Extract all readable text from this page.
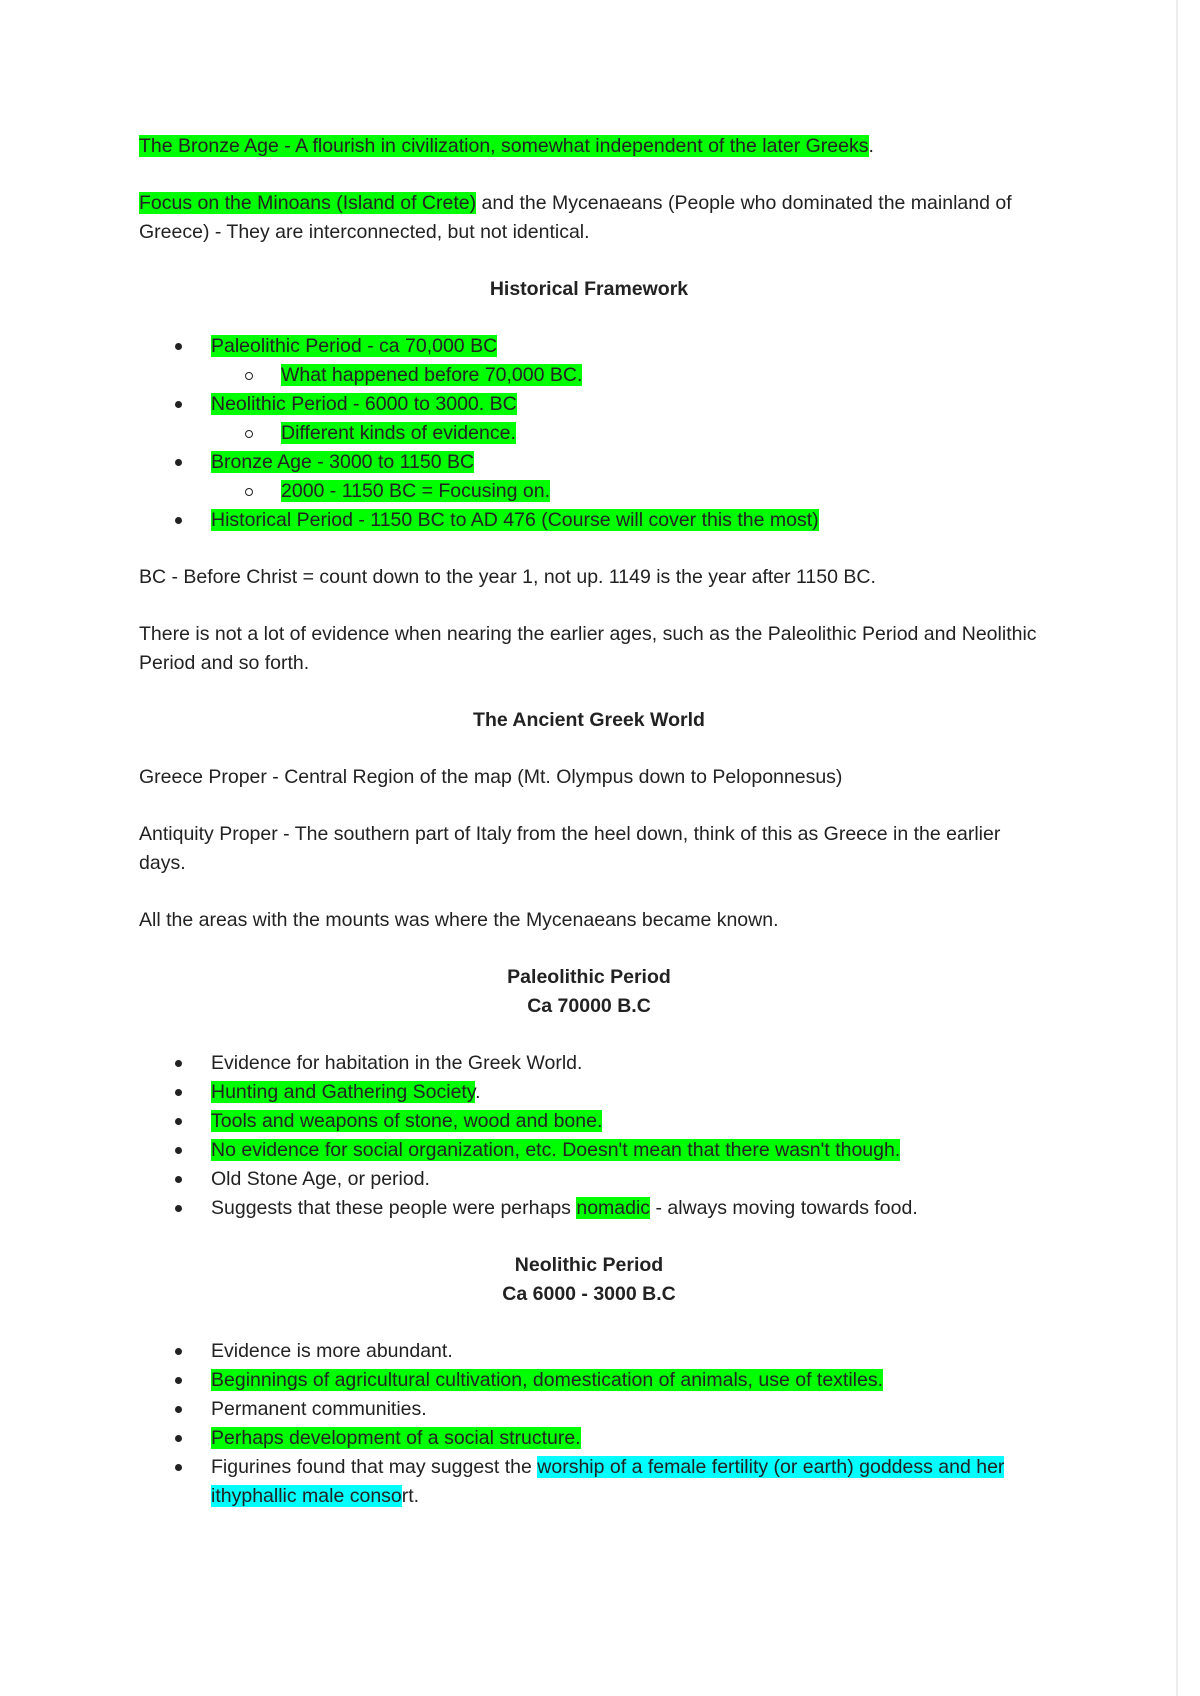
The Bronze Age - A flourish in civilization, somewhat independent of the later Greeks.

Focus on the Minoans (Island of Crete) and the Mycenaeans (People who dominated the mainland of Greece) - They are interconnected, but not identical.

Historical Framework
Paleolithic Period - ca 70,000 BC
What happened before 70,000 BC.
Neolithic Period - 6000 to 3000. BC
Different kinds of evidence.
Bronze Age - 3000 to 1150 BC
2000 - 1150 BC = Focusing on.
Historical Period - 1150 BC to AD 476 (Course will cover this the most)

BC - Before Christ = count down to the year 1, not up. 1149 is the year after 1150 BC.

There is not a lot of evidence when nearing the earlier ages, such as the Paleolithic Period and Neolithic Period and so forth.

The Ancient Greek World

Greece Proper - Central Region of the map (Mt. Olympus down to Peloponnesus)

Antiquity Proper - The southern part of Italy from the heel down, think of this as Greece in the earlier days.

All the areas with the mounts was where the Mycenaeans became known.

Paleolithic Period
Ca 70000 B.C
Evidence for habitation in the Greek World.
Hunting and Gathering Society.
Tools and weapons of stone, wood and bone.
No evidence for social organization, etc. Doesn't mean that there wasn't though.
Old Stone Age, or period.
Suggests that these people were perhaps nomadic - always moving towards food.
Neolithic Period
Ca 6000 - 3000 B.C
Evidence is more abundant.
Beginnings of agricultural cultivation, domestication of animals, use of textiles.
Permanent communities.
Perhaps development of a social structure.
Figurines found that may suggest the worship of a female fertility (or earth) goddess and her ithyphallic male consort.
